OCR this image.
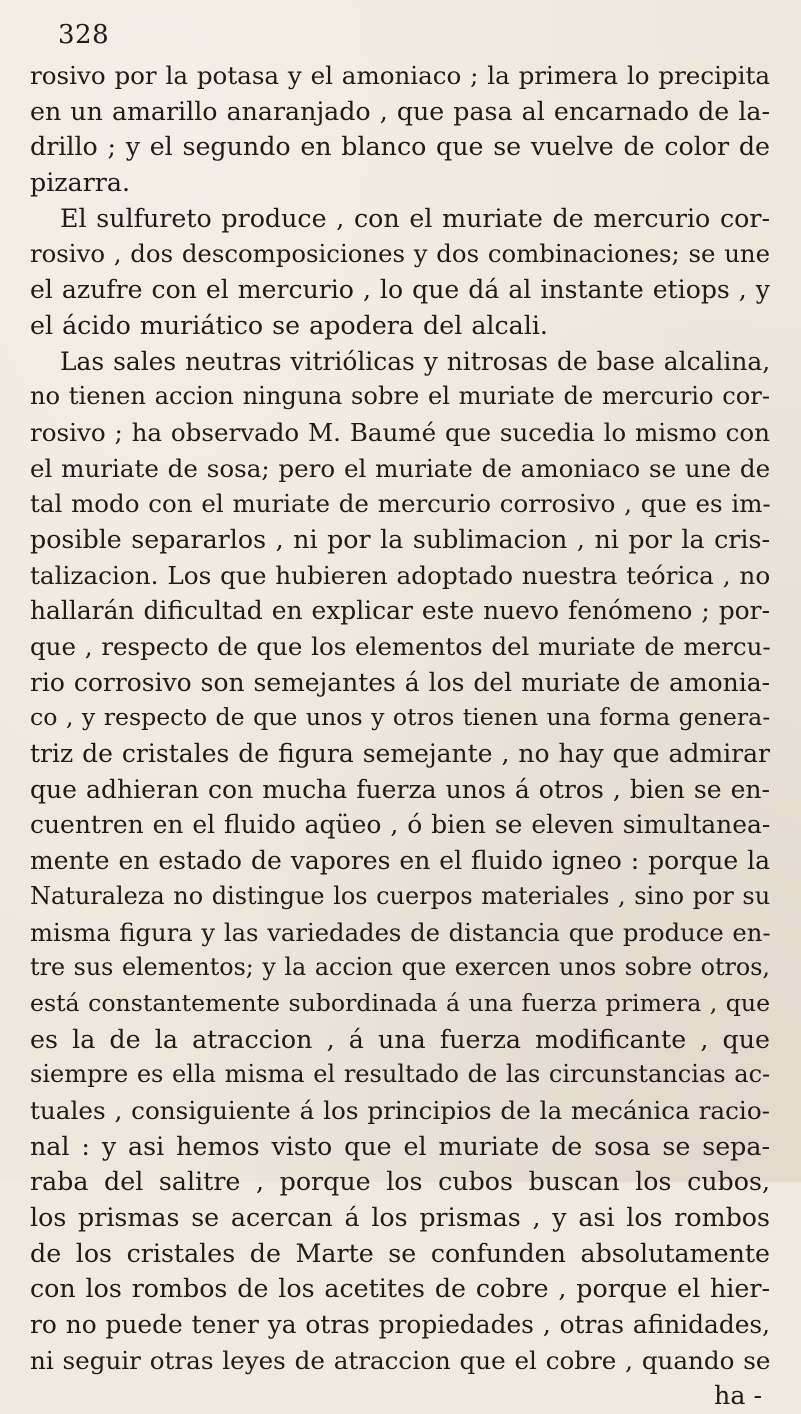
328
rosivo por la potasa y el amoniaco ; la primera lo precipita
en un amarillo anaranjado , que pasa al encarnado de la-
drillo ; y el segundo en blanco que se vuelve de color de
pizarra.
El sulfureto produce , con el muriate de mercurio cor-
rosivo , dos descomposiciones y dos combinaciones; se une
el azufre con el mercurio , lo que dá al instante etiops , y
el ácido muriático se apodera del alcali.
Las sales neutras vitriólicas y nitrosas de base alcalina,
no tienen accion ninguna sobre el muriate de mercurio cor-
rosivo ; ha observado M. Baumé que sucedia lo mismo con
el muriate de sosa; pero el muriate de amoniaco se une de
tal modo con el muriate de mercurio corrosivo , que es im-
posible separarlos , ni por la sublimacion , ni por la cris-
talizacion. Los que hubieren adoptado nuestra teórica , no
hallarán dificultad en explicar este nuevo fenómeno ; por-
que , respecto de que los elementos del muriate de mercu-
rio corrosivo son semejantes á los del muriate de amonia-
co , y respecto de que unos y otros tienen una forma genera-
triz de cristales de figura semejante , no hay que admirar
que adhieran con mucha fuerza unos á otros , bien se en-
cuentren en el fluido aqüeo , ó bien se eleven simultanea-
mente en estado de vapores en el fluido igneo : porque la
Naturaleza no distingue los cuerpos materiales , sino por su
misma figura y las variedades de distancia que produce en-
tre sus elementos; y la accion que exercen unos sobre otros,
está constantemente subordinada á una fuerza primera , que
es la de la atraccion , á una fuerza modificante , que
siempre es ella misma el resultado de las circunstancias ac-
tuales , consiguiente á los principios de la mecánica racio-
nal : y asi hemos visto que el muriate de sosa se sepa-
raba del salitre , porque los cubos buscan los cubos,
los prismas se acercan á los prismas , y asi los rombos
de los cristales de Marte se confunden absolutamente
con los rombos de los acetites de cobre , porque el hier-
ro no puede tener ya otras propiedades , otras afinidades,
ni seguir otras leyes de atraccion que el cobre , quando se
ha -
